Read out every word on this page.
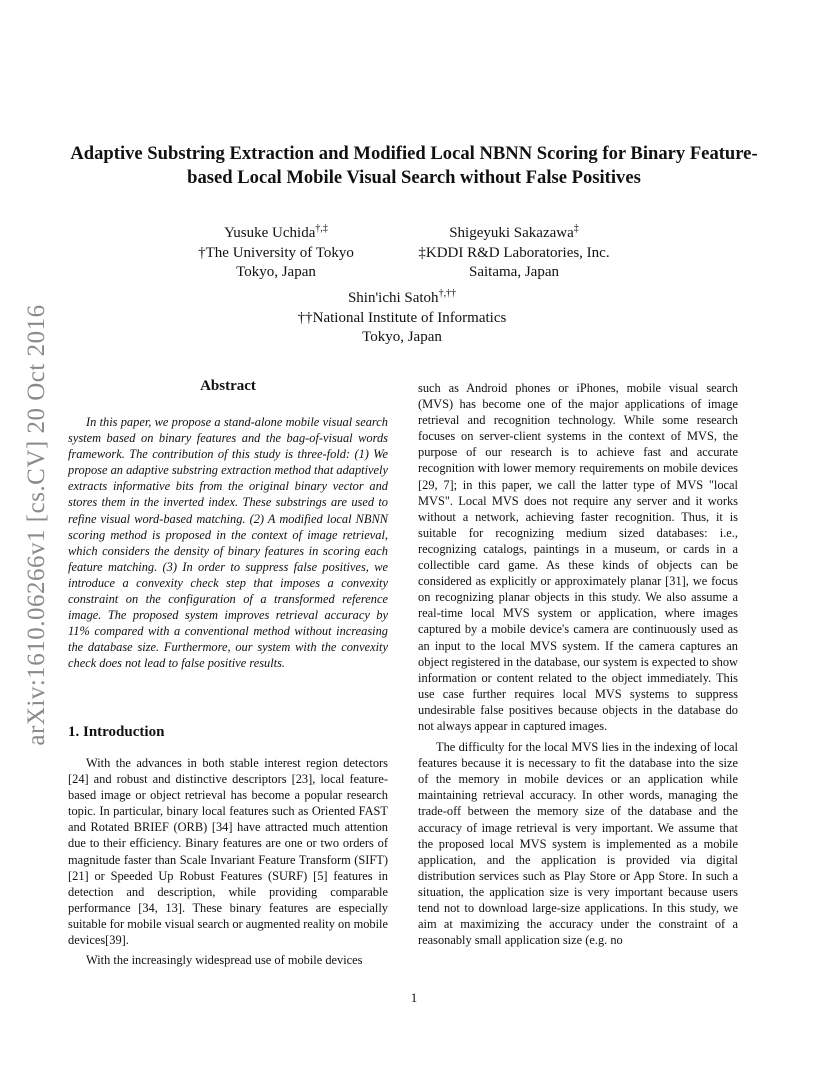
arXiv:1610.06266v1 [cs.CV] 20 Oct 2016
Adaptive Substring Extraction and Modified Local NBNN Scoring for Binary Feature-based Local Mobile Visual Search without False Positives
Yusuke Uchida†,‡
†The University of Tokyo
Tokyo, Japan
Shigeyuki Sakazawa‡
‡KDDI R&D Laboratories, Inc.
Saitama, Japan
Shin'ichi Satoh†,††
††National Institute of Informatics
Tokyo, Japan
Abstract

In this paper, we propose a stand-alone mobile visual search system based on binary features and the bag-of-visual words framework. The contribution of this study is three-fold: (1) We propose an adaptive substring extraction method that adaptively extracts informative bits from the original binary vector and stores them in the inverted index. These substrings are used to refine visual word-based matching. (2) A modified local NBNN scoring method is proposed in the context of image retrieval, which considers the density of binary features in scoring each feature matching. (3) In order to suppress false positives, we introduce a convexity check step that imposes a convexity constraint on the configuration of a transformed reference image. The proposed system improves retrieval accuracy by 11% compared with a conventional method without increasing the database size. Furthermore, our system with the convexity check does not lead to false positive results.

1. Introduction

With the advances in both stable interest region detectors [24] and robust and distinctive descriptors [23], local feature-based image or object retrieval has become a popular research topic. In particular, binary local features such as Oriented FAST and Rotated BRIEF (ORB) [34] have attracted much attention due to their efficiency. Binary features are one or two orders of magnitude faster than Scale Invariant Feature Transform (SIFT) [21] or Speeded Up Robust Features (SURF) [5] features in detection and description, while providing comparable performance [34, 13]. These binary features are especially suitable for mobile visual search or augmented reality on mobile devices[39].

With the increasingly widespread use of mobile devices

such as Android phones or iPhones, mobile visual search (MVS) has become one of the major applications of image retrieval and recognition technology. While some research focuses on server-client systems in the context of MVS, the purpose of our research is to achieve fast and accurate recognition with lower memory requirements on mobile devices [29, 7]; in this paper, we call the latter type of MVS "local MVS". Local MVS does not require any server and it works without a network, achieving faster recognition. Thus, it is suitable for recognizing medium sized databases: i.e., recognizing catalogs, paintings in a museum, or cards in a collectible card game. As these kinds of objects can be considered as explicitly or approximately planar [31], we focus on recognizing planar objects in this study. We also assume a real-time local MVS system or application, where images captured by a mobile device's camera are continuously used as an input to the local MVS system. If the camera captures an object registered in the database, our system is expected to show information or content related to the object immediately. This use case further requires local MVS systems to suppress undesirable false positives because objects in the database do not always appear in captured images.

The difficulty for the local MVS lies in the indexing of local features because it is necessary to fit the database into the size of the memory in mobile devices or an application while maintaining retrieval accuracy. In other words, managing the trade-off between the memory size of the database and the accuracy of image retrieval is very important. We assume that the proposed local MVS system is implemented as a mobile application, and the application is provided via digital distribution services such as Play Store or App Store. In such a situation, the application size is very important because users tend not to download large-size applications. In this study, we aim at maximizing the accuracy under the constraint of a reasonably small application size (e.g. no

1
